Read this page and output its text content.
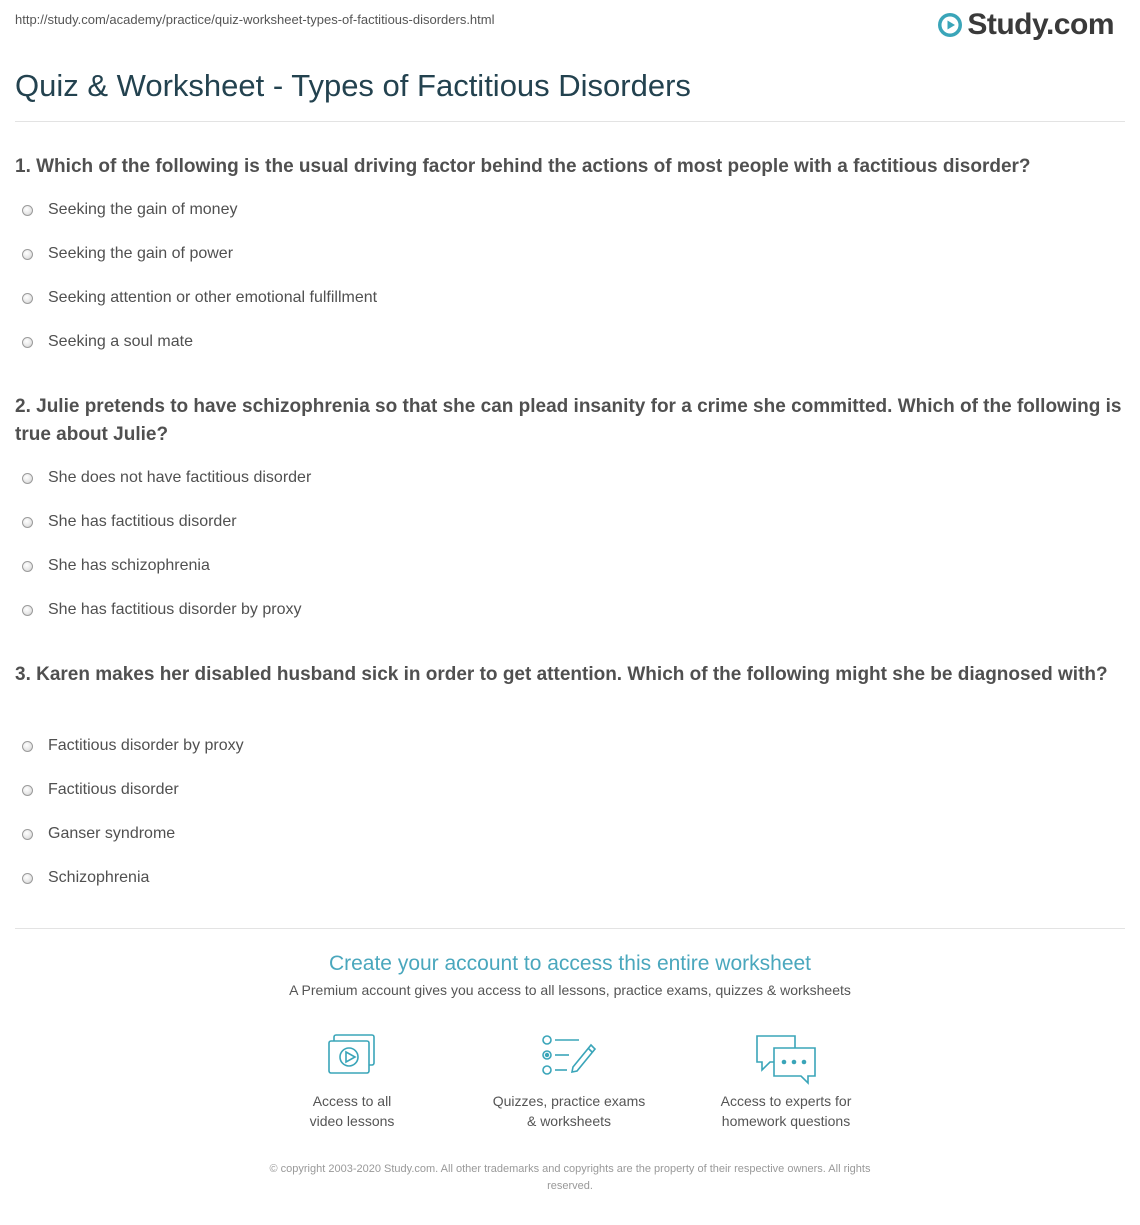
http://study.com/academy/practice/quiz-worksheet-types-of-factitious-disorders.html	Study.com
Quiz & Worksheet - Types of Factitious Disorders

1. Which of the following is the usual driving factor behind the actions of most people with a factitious disorder?

Seeking the gain of money
Seeking the gain of power
Seeking attention or other emotional fulfillment
Seeking a soul mate

2. Julie pretends to have schizophrenia so that she can plead insanity for a crime she committed. Which of the following is true about Julie?

She does not have factitious disorder
She has factitious disorder
She has schizophrenia
She has factitious disorder by proxy

3. Karen makes her disabled husband sick in order to get attention. Which of the following might she be diagnosed with?

Factitious disorder by proxy
Factitious disorder
Ganser syndrome
Schizophrenia
Create your account to access this entire worksheet
A Premium account gives you access to all lessons, practice exams, quizzes & worksheets
Access to all
video lessons
Quizzes, practice exams
& worksheets
Access to experts for
homework questions
© copyright 2003-2020 Study.com. All other trademarks and copyrights are the property of their respective owners. All rights
reserved.
